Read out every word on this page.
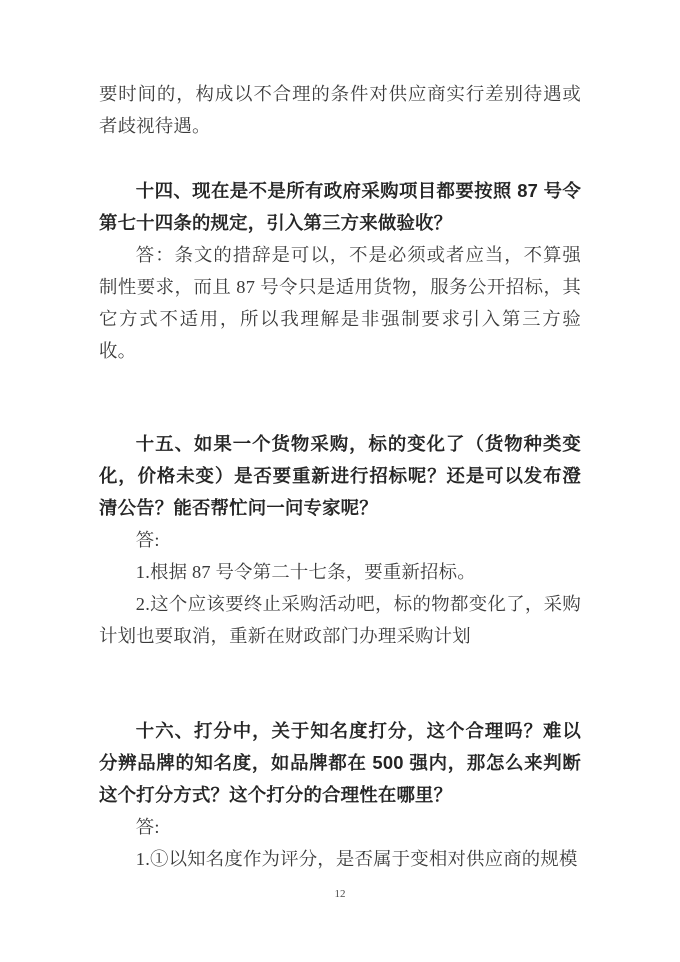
要时间的，构成以不合理的条件对供应商实行差别待遇或者歧视待遇。

十四、现在是不是所有政府采购项目都要按照 87 号令第七十四条的规定，引入第三方来做验收？

答：条文的措辞是可以，不是必须或者应当，不算强制性要求，而且 87 号令只是适用货物，服务公开招标，其它方式不适用，所以我理解是非强制要求引入第三方验收。

十五、如果一个货物采购，标的变化了（货物种类变化，价格未变）是否要重新进行招标呢？还是可以发布澄清公告？能否帮忙问一问专家呢？

答:

1.根据 87 号令第二十七条，要重新招标。

2.这个应该要终止采购活动吧，标的物都变化了，采购计划也要取消，重新在财政部门办理采购计划

十六、打分中，关于知名度打分，这个合理吗？难以分辨品牌的知名度，如品牌都在 500 强内，那怎么来判断这个打分方式？这个打分的合理性在哪里？

答:

1.①以知名度作为评分，是否属于变相对供应商的规模

12
